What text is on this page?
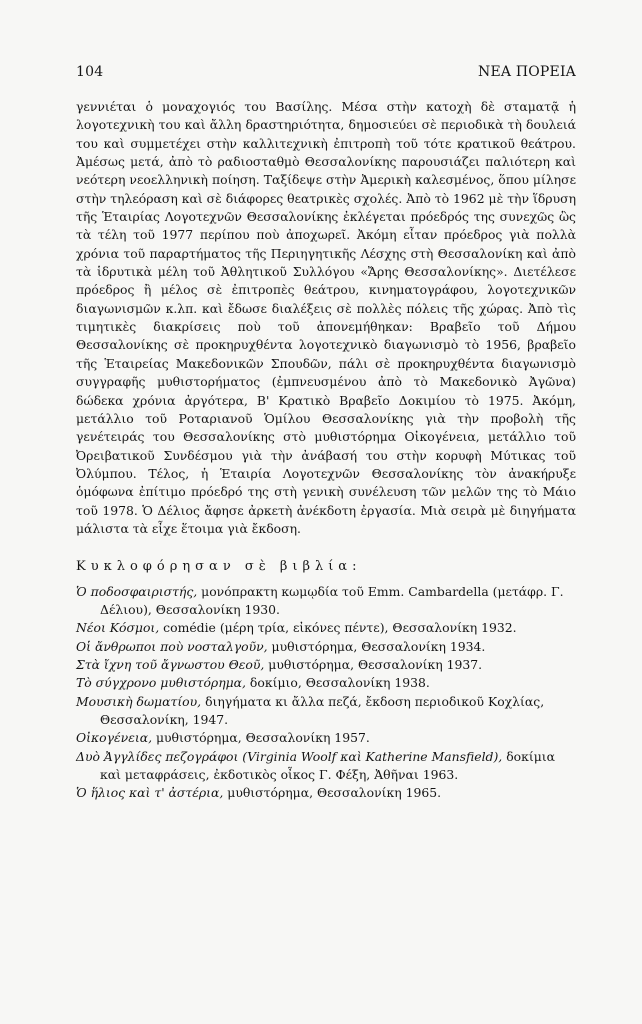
104	ΝΕΑ ΠΟΡΕΙΑ

γεννιέται ὁ μοναχογιός του Βασίλης. Μέσα στὴν κατοχὴ δὲ σταματᾷ ἡ λογοτεχνικὴ του καὶ ἄλλη δραστηριότητα, δημοσιεύει σὲ περιοδικὰ τὴ δουλειά του καὶ συμμετέχει στὴν καλλιτεχνικὴ ἐπιτροπὴ τοῦ τότε κρατικοῦ θεάτρου. Ἀμέσως μετά, ἀπὸ τὸ ραδιοσταθμὸ Θεσσαλονίκης παρουσιάζει παλιότερη καὶ νεότερη νεοελληνικὴ ποίηση. Ταξίδεψε στὴν Ἀμερικὴ καλεσμένος, ὅπου μίλησε στὴν τηλεόραση καὶ σὲ διάφορες θεατρικὲς σχολές. Ἀπὸ τὸ 1962 μὲ τὴν ἵδρυση τῆς Ἑταιρίας Λογοτεχνῶν Θεσσαλονίκης ἐκλέγεται πρόεδρός της συνεχῶς ὣς τὰ τέλη τοῦ 1977 περίπου ποὺ ἀποχωρεῖ. Ἀκόμη εἶταν πρόεδρος γιὰ πολλὰ χρόνια τοῦ παραρτήματος τῆς Περιηγητικῆς Λέσχης στὴ Θεσσαλονίκη καὶ ἀπὸ τὰ ἱδρυτικὰ μέλη τοῦ Ἀθλητικοῦ Συλλόγου «Ἄρης Θεσσαλονίκης». Διετέλεσε πρόεδρος ἢ μέλος σὲ ἐπιτροπὲς θεάτρου, κινηματογράφου, λογοτεχνικῶν διαγωνισμῶν κ.λπ. καὶ ἔδωσε διαλέξεις σὲ πολλὲς πόλεις τῆς χώρας. Ἀπὸ τὶς τιμητικὲς διακρίσεις ποὺ τοῦ ἀπονεμήθηκαν: Βραβεῖο τοῦ Δήμου Θεσσαλονίκης σὲ προκηρυχθέντα λογοτεχνικὸ διαγωνισμὸ τὸ 1956, βραβεῖο τῆς Ἑταιρείας Μακεδονικῶν Σπουδῶν, πάλι σὲ προκηρυχθέντα διαγωνισμὸ συγγραφῆς μυθιστορήματος (ἐμπνευσμένου ἀπὸ τὸ Μακεδονικὸ Ἀγῶνα) δώδεκα χρόνια ἀργότερα, Β' Κρατικὸ Βραβεῖο Δοκιμίου τὸ 1975. Ἀκόμη, μετάλλιο τοῦ Ροταριανοῦ Ὁμίλου Θεσσαλονίκης γιὰ τὴν προβολὴ τῆς γενέτειράς του Θεσσαλονίκης στὸ μυθιστόρημα Οἰκογένεια, μετάλλιο τοῦ Ὀρειβατικοῦ Συνδέσμου γιὰ τὴν ἀνάβασή του στὴν κορυφὴ Μύτικας τοῦ Ὀλύμπου. Τέλος, ἡ Ἑταιρία Λογοτεχνῶν Θεσσαλονίκης τὸν ἀνακήρυξε ὁμόφωνα ἐπίτιμο πρόεδρό της στὴ γενικὴ συνέλευση τῶν μελῶν της τὸ Μάιο τοῦ 1978. Ὁ Δέλιος ἄφησε ἀρκετὴ ἀνέκδοτη ἐργασία. Μιὰ σειρὰ μὲ διηγήματα μάλιστα τὰ εἶχε ἕτοιμα γιὰ ἔκδοση.

Κυκλοφόρησαν σὲ βιβλία:
Ὁ ποδοσφαιριστής, μονόπρακτη κωμῳδία τοῦ Emm. Cambardella (μετάφρ. Γ. Δέλιου), Θεσσαλονίκη 1930.
Νέοι Κόσμοι, comédie (μέρη τρία, εἰκόνες πέντε), Θεσσαλονίκη 1932.
Οἱ ἄνθρωποι ποὺ νοσταλγοῦν, μυθιστόρημα, Θεσσαλονίκη 1934.
Στὰ ἴχνη τοῦ ἄγνωστου Θεοῦ, μυθιστόρημα, Θεσσαλονίκη 1937.
Τὸ σύγχρονο μυθιστόρημα, δοκίμιο, Θεσσαλονίκη 1938.
Μουσικὴ δωματίου, διηγήματα κι ἄλλα πεζά, ἔκδοση περιοδικοῦ Κοχλίας, Θεσσαλονίκη, 1947.
Οἰκογένεια, μυθιστόρημα, Θεσσαλονίκη 1957.
Δυὸ Ἀγγλίδες πεζογράφοι (Virginia Woolf καὶ Katherine Mansfield), δοκίμια καὶ μεταφράσεις, ἐκδοτικὸς οἶκος Γ. Φέξη, Ἀθῆναι 1963.
Ὁ ἥλιος καὶ τ' ἀστέρια, μυθιστόρημα, Θεσσαλονίκη 1965.
